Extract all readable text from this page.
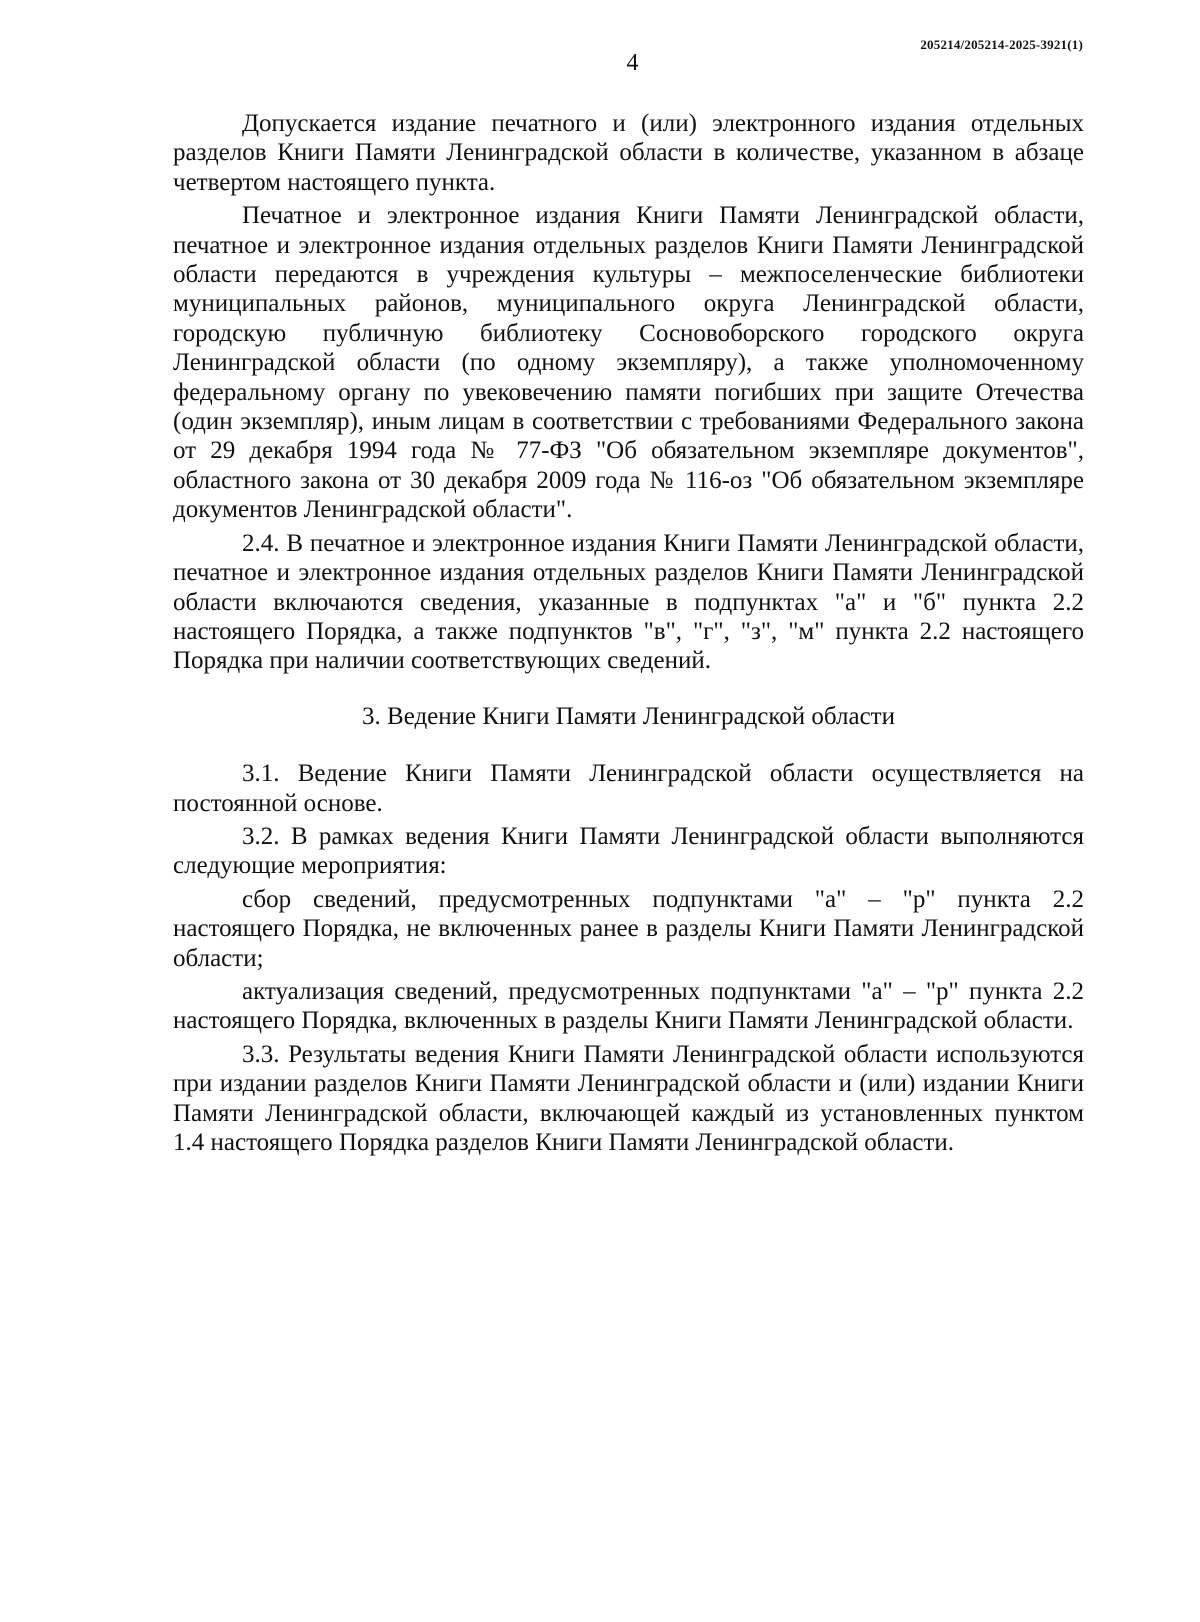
205214/205214-2025-3921(1)
4

Допускается издание печатного и (или) электронного издания отдельных разделов Книги Памяти Ленинградской области в количестве, указанном в абзаце четвертом настоящего пункта.

Печатное и электронное издания Книги Памяти Ленинградской области, печатное и электронное издания отдельных разделов Книги Памяти Ленинградской области передаются в учреждения культуры – межпоселенческие библиотеки муниципальных районов, муниципального округа Ленинградской области, городскую публичную библиотеку Сосновоборского городского округа Ленинградской области (по одному экземпляру), а также уполномоченному федеральному органу по увековечению памяти погибших при защите Отечества (один экземпляр), иным лицам в соответствии с требованиями Федерального закона от 29 декабря 1994 года № 77-ФЗ "Об обязательном экземпляре документов", областного закона от 30 декабря 2009 года № 116-оз "Об обязательном экземпляре документов Ленинградской области".

2.4. В печатное и электронное издания Книги Памяти Ленинградской области, печатное и электронное издания отдельных разделов Книги Памяти Ленинградской области включаются сведения, указанные в подпунктах "а" и "б" пункта 2.2 настоящего Порядка, а также подпунктов "в", "г", "з", "м" пункта 2.2 настоящего Порядка при наличии соответствующих сведений.

3. Ведение Книги Памяти Ленинградской области

3.1. Ведение Книги Памяти Ленинградской области осуществляется на постоянной основе.

3.2. В рамках ведения Книги Памяти Ленинградской области выполняются следующие мероприятия:

сбор сведений, предусмотренных подпунктами "а" – "р" пункта 2.2 настоящего Порядка, не включенных ранее в разделы Книги Памяти Ленинградской области;

актуализация сведений, предусмотренных подпунктами "а" – "р" пункта 2.2 настоящего Порядка, включенных в разделы Книги Памяти Ленинградской области.

3.3. Результаты ведения Книги Памяти Ленинградской области используются при издании разделов Книги Памяти Ленинградской области и (или) издании Книги Памяти Ленинградской области, включающей каждый из установленных пунктом 1.4 настоящего Порядка разделов Книги Памяти Ленинградской области.
